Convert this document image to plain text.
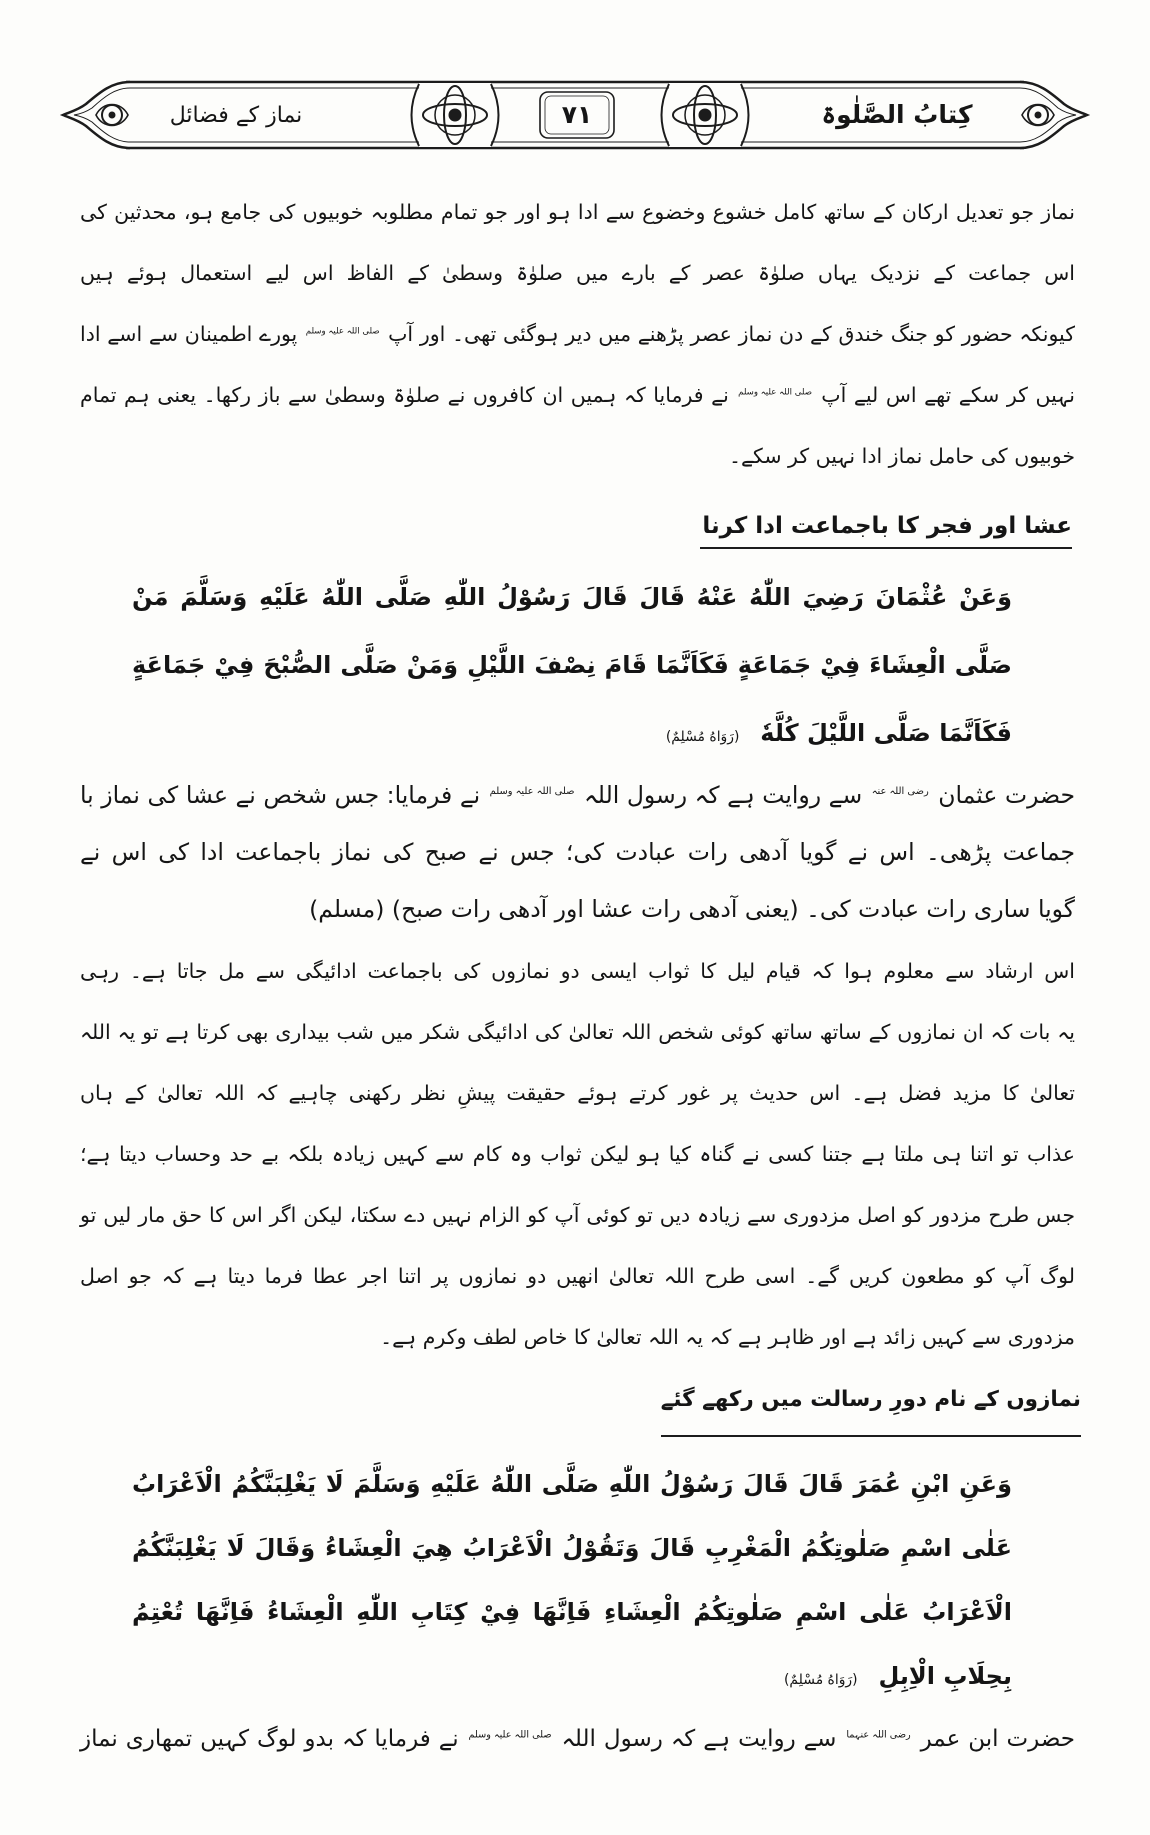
نماز کے فضائل	۷۱	کِتابُ الصَّلٰوۃ
نماز جو تعدیل ارکان کے ساتھ کامل خشوع وخضوع سے ادا ہو اور جو تمام مطلوبہ خوبیوں کی جامع ہو، محدثین کی
اس جماعت کے نزدیک یہاں صلوٰۃ عصر کے بارے میں صلوٰۃ وسطیٰ کے الفاظ اس لیے استعمال ہوئے ہیں
کیونکہ حضور کو جنگ خندق کے دن نماز عصر پڑھنے میں دیر ہوگئی تھی۔ اور آپ صلی اللہ علیہ وسلم پورے اطمینان سے اسے ادا
نہیں کر سکے تھے اس لیے آپ صلی اللہ علیہ وسلم نے فرمایا کہ ہمیں ان کافروں نے صلوٰۃ وسطیٰ سے باز رکھا۔ یعنی ہم تمام
خوبیوں کی حامل نماز ادا نہیں کر سکے۔
عشا اور فجر کا باجماعت ادا کرنا
وَعَنْ عُثْمَانَ رَضِيَ اللّٰهُ عَنْهُ قَالَ قَالَ رَسُوْلُ اللّٰهِ صَلَّى اللّٰهُ عَلَيْهِ وَسَلَّمَ مَنْ
صَلَّى الْعِشَاءَ فِيْ جَمَاعَةٍ فَكَاَنَّمَا قَامَ نِصْفَ اللَّيْلِ وَمَنْ صَلَّى الصُّبْحَ فِيْ جَمَاعَةٍ
فَكَاَنَّمَا صَلَّى اللَّيْلَ كُلَّهٗ (رَوَاهُ مُسْلِمٌ)
حضرت عثمان رضی اللہ عنہ سے روایت ہے کہ رسول اللہ صلی اللہ علیہ وسلم نے فرمایا: جس شخص نے عشا کی نماز با
جماعت پڑھی۔ اس نے گویا آدھی رات عبادت کی؛ جس نے صبح کی نماز باجماعت ادا کی اس نے
گویا ساری رات عبادت کی۔ (یعنی آدھی رات عشا اور آدھی رات صبح) (مسلم)
اس ارشاد سے معلوم ہوا کہ قیام لیل کا ثواب ایسی دو نمازوں کی باجماعت ادائیگی سے مل جاتا ہے۔ رہی
یہ بات کہ ان نمازوں کے ساتھ ساتھ کوئی شخص اللہ تعالیٰ کی ادائیگی شکر میں شب بیداری بھی کرتا ہے تو یہ اللہ
تعالیٰ کا مزید فضل ہے۔ اس حدیث پر غور کرتے ہوئے حقیقت پیشِ نظر رکھنی چاہیے کہ اللہ تعالیٰ کے ہاں
عذاب تو اتنا ہی ملتا ہے جتنا کسی نے گناہ کیا ہو لیکن ثواب وہ کام سے کہیں زیادہ بلکہ بے حد وحساب دیتا ہے؛
جس طرح مزدور کو اصل مزدوری سے زیادہ دیں تو کوئی آپ کو الزام نہیں دے سکتا، لیکن اگر اس کا حق مار لیں تو
لوگ آپ کو مطعون کریں گے۔ اسی طرح اللہ تعالیٰ انھیں دو نمازوں پر اتنا اجر عطا فرما دیتا ہے کہ جو اصل
مزدوری سے کہیں زائد ہے اور ظاہر ہے کہ یہ اللہ تعالیٰ کا خاص لطف وکرم ہے۔
نمازوں کے نام دورِ رسالت میں رکھے گئے
وَعَنِ ابْنِ عُمَرَ قَالَ قَالَ رَسُوْلُ اللّٰهِ صَلَّى اللّٰهُ عَلَيْهِ وَسَلَّمَ لَا يَغْلِبَنَّكُمُ الْاَعْرَابُ
عَلٰى اسْمِ صَلٰوتِكُمُ الْمَغْرِبِ قَالَ وَتَقُوْلُ الْاَعْرَابُ هِيَ الْعِشَاءُ وَقَالَ لَا يَغْلِبَنَّكُمُ
الْاَعْرَابُ عَلٰى اسْمِ صَلٰوتِكُمُ الْعِشَاءِ فَاِنَّهَا فِيْ كِتَابِ اللّٰهِ الْعِشَاءُ فَاِنَّهَا تُعْتِمُ
بِحِلَابِ الْاِبِلِ (رَوَاهُ مُسْلِمٌ)
حضرت ابن عمر رضی اللہ عنہما سے روایت ہے کہ رسول اللہ صلی اللہ علیہ وسلم نے فرمایا کہ بدو لوگ کہیں تمھاری نماز
